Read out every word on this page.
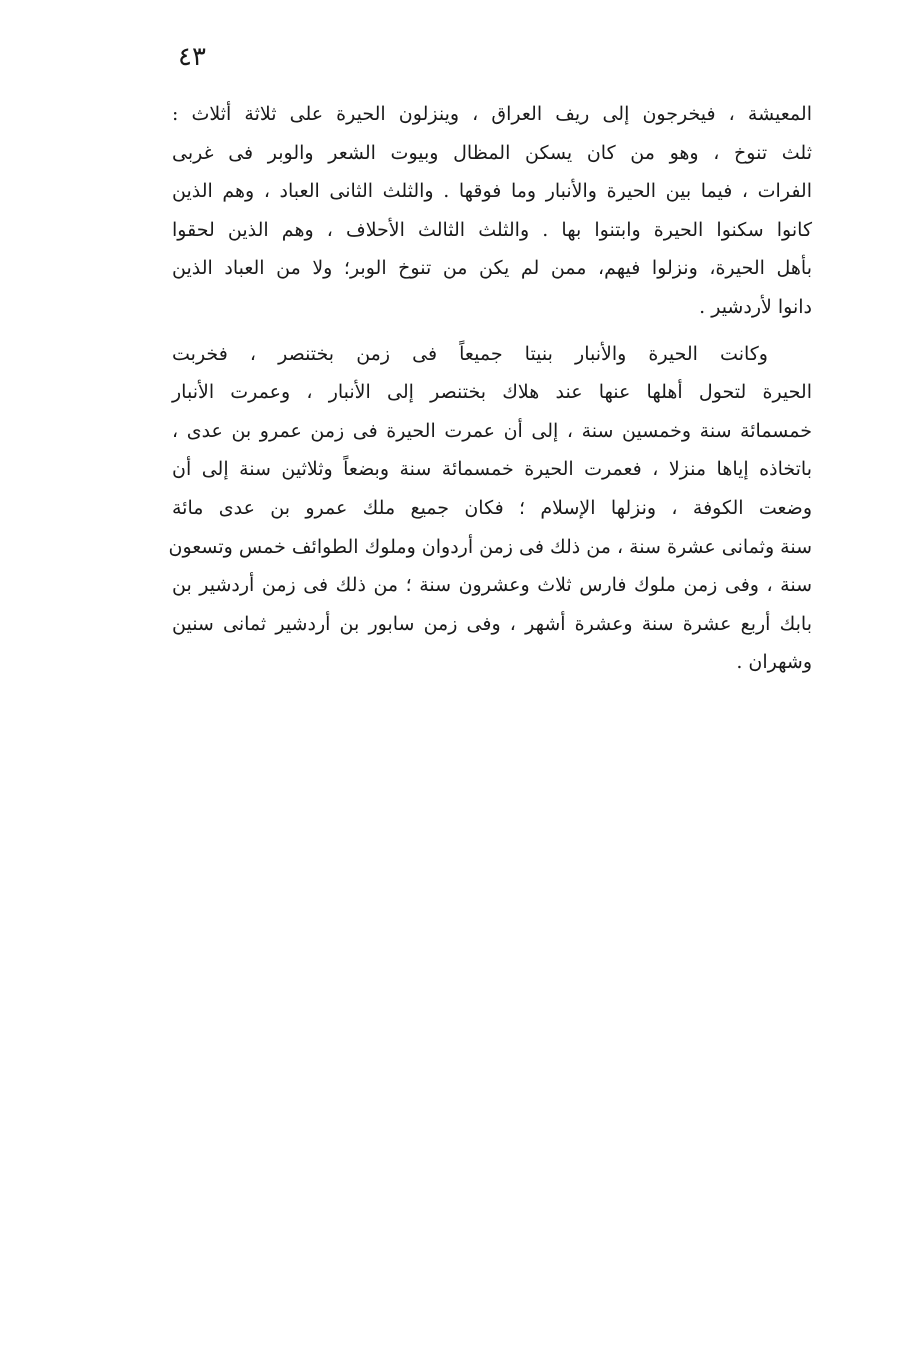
٤٣

المعيشة ، فيخرجون إلى ريف العراق ، وينزلون الحيرة على ثلاثة أثلاث :
ثلث تنوخ ، وهو من كان يسكن المظال وبيوت الشعر والوبر فى غربى
الفرات ، فيما بين الحيرة والأنبار وما فوقها . والثلث الثانى العباد ، وهم الذين
كانوا سكنوا الحيرة وابتنوا بها . والثلث الثالث الأحلاف ، وهم الذين لحقوا
بأهل الحيرة، ونزلوا فيهم، ممن لم يكن من تنوخ الوبر؛ ولا من العباد الذين
دانوا لأردشير .

وكانت الحيرة والأنبار بنيتا جميعاً فى زمن بختنصر ، فخربت
الحيرة لتحول أهلها عنها عند هلاك بختنصر إلى الأنبار ، وعمرت الأنبار
خمسمائة سنة وخمسين سنة ، إلى أن عمرت الحيرة فى زمن عمرو بن عدى ،
باتخاذه إياها منزلا ، فعمرت الحيرة خمسمائة سنة وبضعاً وثلاثين سنة إلى أن
وضعت الكوفة ، ونزلها الإسلام ؛ فكان جميع ملك عمرو بن عدى مائة
سنة وثمانى عشرة سنة ، من ذلك فى زمن أردوان وملوك الطوائف خمس وتسعون
سنة ، وفى زمن ملوك فارس ثلاث وعشرون سنة ؛ من ذلك فى زمن أردشير بن
بابك أربع عشرة سنة وعشرة أشهر ، وفى زمن سابور بن أردشير ثمانى سنين
وشهران .
